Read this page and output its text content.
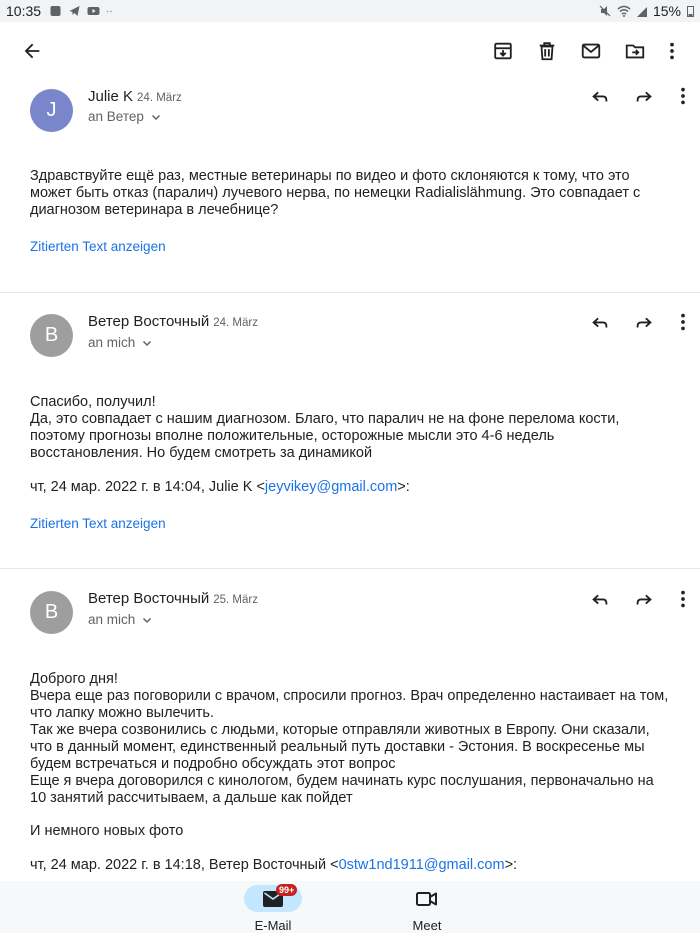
10:35	··	15%
J
Julie K 24. März
an Ветер

Здравствуйте ещё раз, местные ветеринары по видео и фото склоняются к тому, что это

может быть отказ (паралич) лучевого нерва, по немецки Radialislähmung. Это совпадает с

диагнозом ветеринара в лечебнице?

Zitierten Text anzeigen
B
Ветер Восточный 24. März
an mich

Спасибо, получил!

Да, это совпадает с нашим диагнозом. Благо, что паралич не на фоне перелома кости,

поэтому прогнозы вполне положительные, осторожные мысли это 4-6 недель

восстановления. Но будем смотреть за динамикой

чт, 24 мар. 2022 г. в 14:04, Julie K <jeyvikey@gmail.com>:
Zitierten Text anzeigen
B
Ветер Восточный 25. März
an mich

Доброго дня!

Вчера еще раз поговорили с врачом, спросили прогноз. Врач определенно настаивает на том,

что лапку можно вылечить.

Так же вчера созвонились с людьми, которые отправляли животных в Европу. Они сказали,

что в данный момент, единственный реальный путь доставки - Эстония. В воскресенье мы

будем встречаться и подробно обсуждать этот вопрос

Еще я вчера договорился с кинологом, будем начинать курс послушания, первоначально на

10 занятий рассчитываем, а дальше как пойдет

И немного новых фото
чт, 24 мар. 2022 г. в 14:18, Ветер Восточный <0stw1nd1911@gmail.com>:
99+
E-Mail	Meet
